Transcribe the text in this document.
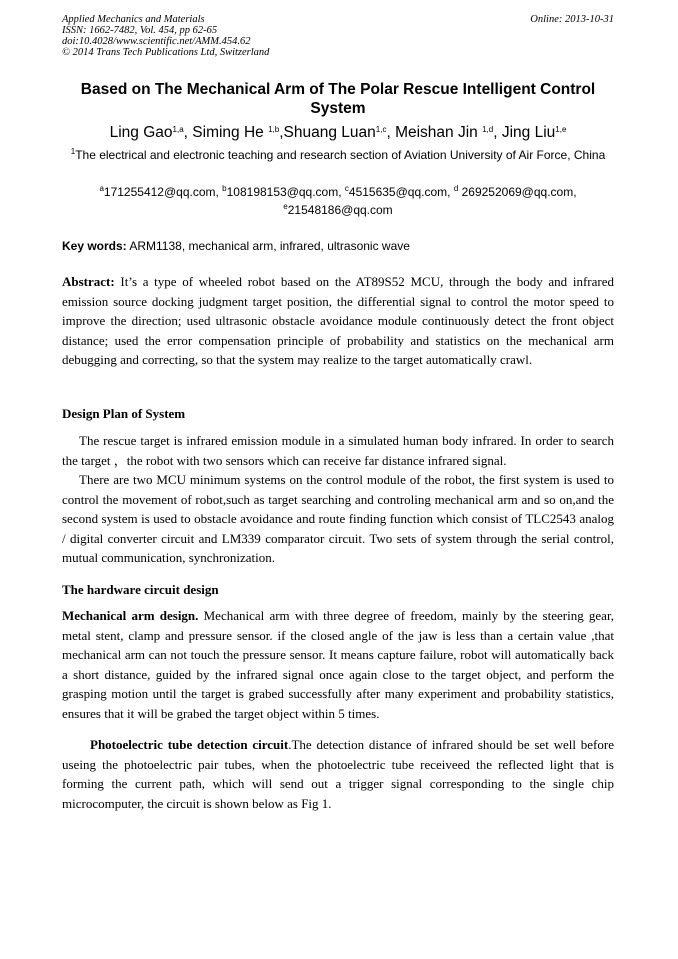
Applied Mechanics and Materials
ISSN: 1662-7482, Vol. 454, pp 62-65
doi:10.4028/www.scientific.net/AMM.454.62
© 2014 Trans Tech Publications Ltd, Switzerland
Online: 2013-10-31
Based on The Mechanical Arm of The Polar Rescue Intelligent Control System
Ling Gao$^{1,a}$, Siming He $^{1,b}$,Shuang Luan$^{1,c}$, Meishan Jin $^{1,d}$, Jing Liu$^{1,e}$
$^1$The electrical and electronic teaching and research section of Aviation University of Air Force, China
$^a$171255412@qq.com, $^b$108198153@qq.com, $^c$4515635@qq.com, $^d$ 269252069@qq.com,
$^e$21548186@qq.com
Key words: ARM1138, mechanical arm, infrared, ultrasonic wave
Abstract: It’s a type of wheeled robot based on the AT89S52 MCU, through the body and infrared emission source docking judgment target position, the differential signal to control the motor speed to improve the direction; used ultrasonic obstacle avoidance module continuously detect the front object distance; used the error compensation principle of probability and statistics on the mechanical arm debugging and correcting, so that the system may realize to the target automatically crawl.
Design Plan of System
The rescue target is infrared emission module in a simulated human body infrared. In order to search the target ，the robot with two sensors which can receive far distance infrared signal.
There are two MCU minimum systems on the control module of the robot, the first system is used to control the movement of robot,such as target searching and controling mechanical arm and so on,and the second system is used to obstacle avoidance and route finding function which consist of TLC2543 analog / digital converter circuit and LM339 comparator circuit. Two sets of system through the serial control, mutual communication, synchronization.
The hardware circuit design
Mechanical arm design. Mechanical arm with three degree of freedom, mainly by the steering gear, metal stent, clamp and pressure sensor. if the closed angle of the jaw is less than a certain value ,that mechanical arm can not touch the pressure sensor. It means capture failure, robot will automatically back a short distance, guided by the infrared signal once again close to the target object, and perform the grasping motion until the target is grabed successfully after many experiment and probability statistics, ensures that it will be grabed the target object within 5 times.
Photoelectric tube detection circuit.The detection distance of infrared should be set well before useing the photoelectric pair tubes, when the photoelectric tube receiveed the reflected light that is forming the current path, which will send out a trigger signal corresponding to the single chip microcomputer, the circuit is shown below as Fig 1.
